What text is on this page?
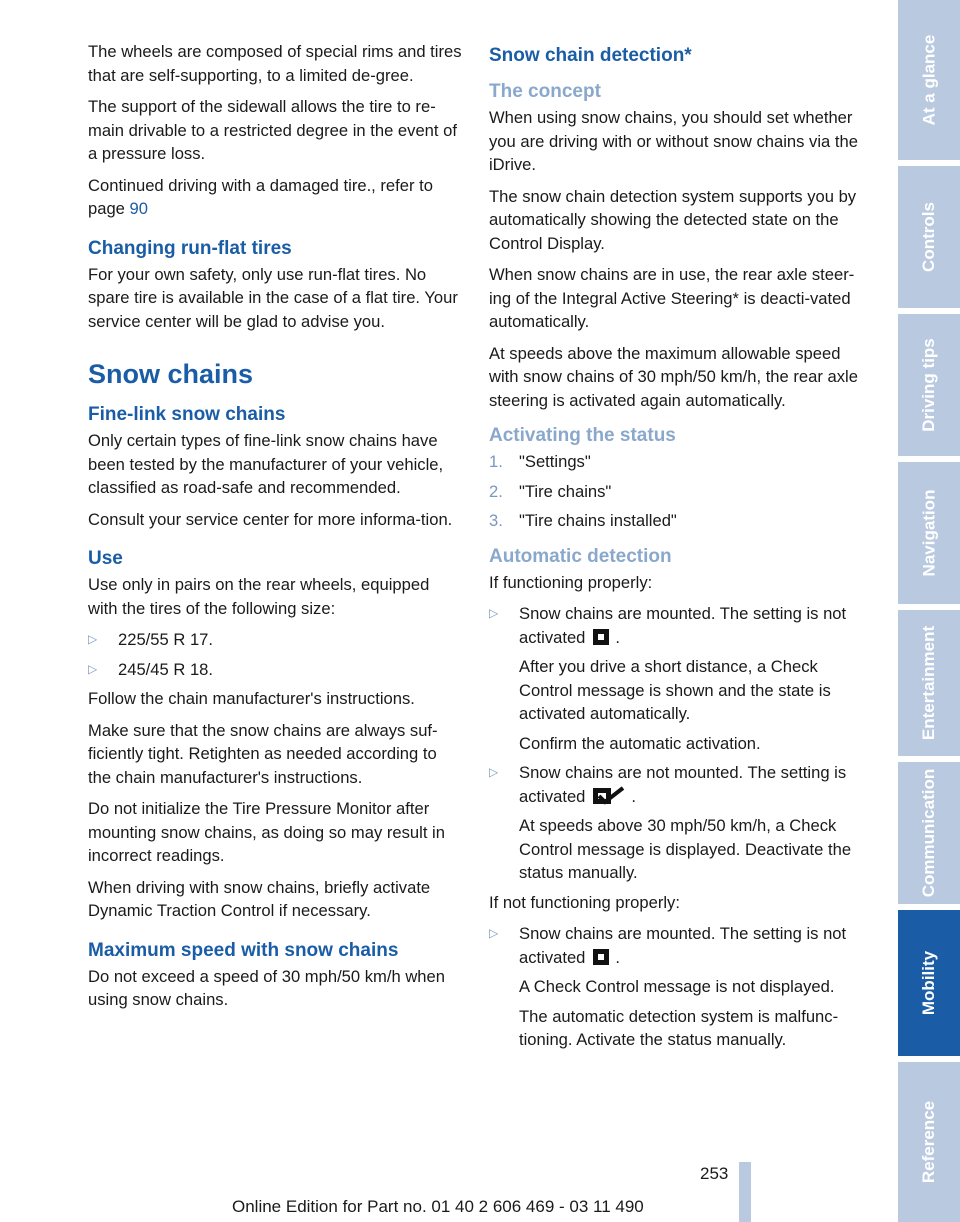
The wheels are composed of special rims and tires that are self-supporting, to a limited de-gree.

The support of the sidewall allows the tire to re-main drivable to a restricted degree in the event of a pressure loss.

Continued driving with a damaged tire., refer to page 90

Changing run-flat tires

For your own safety, only use run-flat tires. No spare tire is available in the case of a flat tire. Your service center will be glad to advise you.

Snow chains
Fine-link snow chains

Only certain types of fine-link snow chains have been tested by the manufacturer of your vehicle, classified as road-safe and recommended.

Consult your service center for more informa-tion.

Use

Use only in pairs on the rear wheels, equipped with the tires of the following size:

▷ 225/55 R 17.
▷ 245/45 R 18.

Follow the chain manufacturer's instructions.

Make sure that the snow chains are always suf-ficiently tight. Retighten as needed according to the chain manufacturer's instructions.

Do not initialize the Tire Pressure Monitor after mounting snow chains, as doing so may result in incorrect readings.

When driving with snow chains, briefly activate Dynamic Traction Control if necessary.

Maximum speed with snow chains

Do not exceed a speed of 30 mph/50 km/h when using snow chains.

Snow chain detection*
The concept

When using snow chains, you should set whether you are driving with or without snow chains via the iDrive.

The snow chain detection system supports you by automatically showing the detected state on the Control Display.

When snow chains are in use, the rear axle steer-ing of the Integral Active Steering* is deacti-vated automatically.

At speeds above the maximum allowable speed with snow chains of 30 mph/50 km/h, the rear axle steering is activated again automatically.

Activating the status
1. "Settings"
2. "Tire chains"
3. "Tire chains installed"
Automatic detection

If functioning properly:

▷ Snow chains are mounted. The setting is not activated .

After you drive a short distance, a Check Control message is shown and the state is activated automatically.

Confirm the automatic activation.

▷ Snow chains are not mounted. The setting is activated	.

At speeds above 30 mph/50 km/h, a Check Control message is displayed. Deactivate the status manually.

If not functioning properly:

▷ Snow chains are mounted. The setting is not activated .

A Check Control message is not displayed.

The automatic detection system is malfunc-tioning. Activate the status manually.

At a glance
Controls
Driving tips
Navigation
Entertainment
Communication
Mobility
Reference
253
Online Edition for Part no. 01 40 2 606 469 - 03 11 490
